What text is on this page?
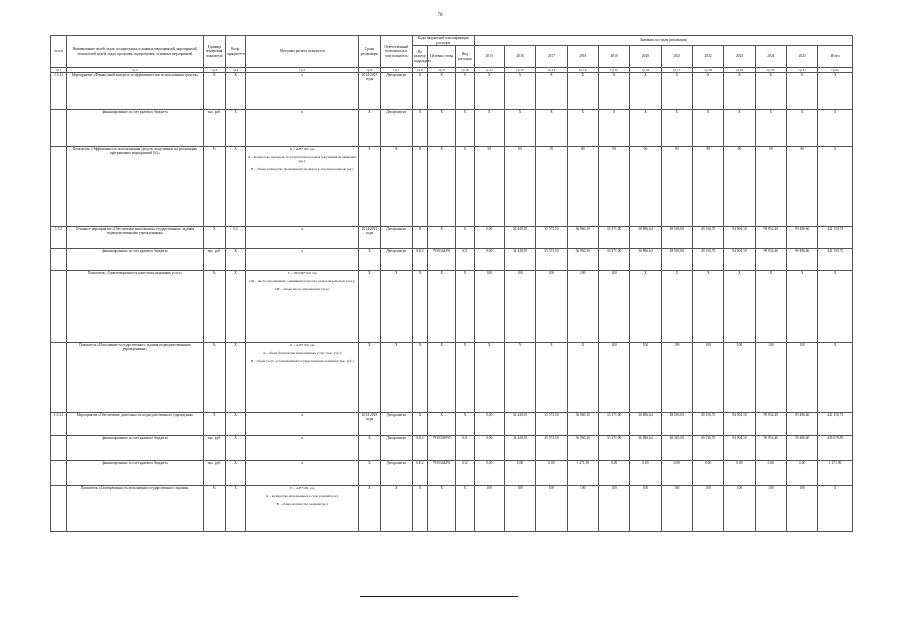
70
№ п/п	Наименование целей, задач, подпрограмм, основных мероприятий, мероприятий, показателей целей, задач, программ, подпрограмм, основных мероприятий	Единица измерения показателя	Коэф. приоритета	Методика расчета показателя	Сроки реализации	Ответственный исполнитель и соисполнитель	Коды бюджетной классификации расходов			Значения по годам реализации											
							По разделу, подразделу	Целевая статья	Вид расходов	2015	2016	2017	2018	2019	2020	2021	2022	2023	2024	2025	Итого
гр.1	гр.2	гр.3	гр.4	гр.5	гр.6	гр.7	гр.8	гр.9	гр.10	гр.11	гр.12	гр.13	гр.14	гр.15	гр.16	гр.17	гр.18	гр.19	гр.20	гр.21	гр.22
1.3.12	Мероприятие «Финансовый контроль за эффективностью использования средств»	Х	Х	Х	2014-2025 годы	Департамент	Х	Х	Х	Х	Х	Х	Х	Х	Х	Х	Х	Х	Х	Х	Х
	финансирование за счет краевого бюджета	тыс. руб.	Х	Х	Х	Департамент	Х	Х	Х	Х	Х	Х	Х	Х	Х	Х	Х	Х	Х	Х	Х
	Показатель «Эффективность использования средств, выделенных на реализацию программных мероприятий (%)»	%	Х	К = А/В*100, где

А – количество проверок, по результатам которых нарушения не выявлены (ед.);

В – общее количество проведенных проверок в отчетном периоде (ед.)	Х	Х	Х	Х	Х	50	60	70	80	90	90	90	90	90	90	90	Х
1.3.3	Основное мероприятие «Обеспечение выполнения государственного задания подведомственными учреждениями»	Х	0,5	Х	2014-2025 годы	Департамент	Х	Х	Х	0,00	34 440,95	35 573,50	36 960,10	33 371,00	36 886,64	48 503,00	49 156,70	94 904,10	99 832,40	99 486,60	441 150,79
	финансирование за счет краевого бюджета	тыс. руб.	Х	Х	Х	Департамент	0412	7950344291	611	0,00	34 440,95	35 573,50	36 960,10	33 371,00	36 886,64	48 503,00	49 156,70	94 904,10	99 832,40	99 486,60	441 150,79
	Показатель «Удовлетворенность качеством оказанных услуг»	%	Х	У = ОП/ОР*100, где

ОП – число опрошенных, оценивших качество удовлетворительно (чел.);

ОР – общее число опрошенных (чел.)	Х	Х	Х	Х	Х	100	100	100	100	100	Х	Х	Х	Х	Х	Х	Х
	Показатель «Исполнение государственного задания подведомственными учреждениями»	%	Х	Х = А/В*100, где

А – объем фактически выполненных услуг (тыс. руб.);

В – объем услуг, установленный государственным заданием (тыс. руб.)	Х	Х	Х	Х	Х	Х	Х	Х	Х	100	100	100	100	100	100	100	Х
1.3.3.1	Мероприятие «Обеспечение деятельности подведомственного учреждения»	Х	Х	Х	2014-2025 годы	Департамент	Х	Х	Х	0,00	34 440,95	35 573,50	36 960,10	33 371,00	36 886,64	48 503,00	49 156,70	94 904,10	99 832,40	99 486,60	441 150,79
	финансирование за счет краевого бюджета	тыс. руб.	Х	Х	Х	Департамент	0412	7950349999	611	0,00	34 440,95	35 573,50	36 960,10	33 371,00	36 886,64	48 503,00	49 156,70	94 904,10	99 832,40	99 486,60	439 678,89
	финансирование за счет краевого бюджета	тыс. руб.	Х	Х	Х	Департамент	0412	7950344291	612	0,00	0,00	0,00	1 471,90	0,00	0,00	0,00	0,00	0,00	0,00	0,00	1 471,90
	Показатель «Своевременность исполнения государственного задания»	%	Х	Е = А/В*100, где

А – количество исполненных в срок заданий (ед.);

В – общее количество заданий (ед.)	Х	Х	Х	Х	Х	100	100	100	100	100	100	100	100	100	100	100	Х
